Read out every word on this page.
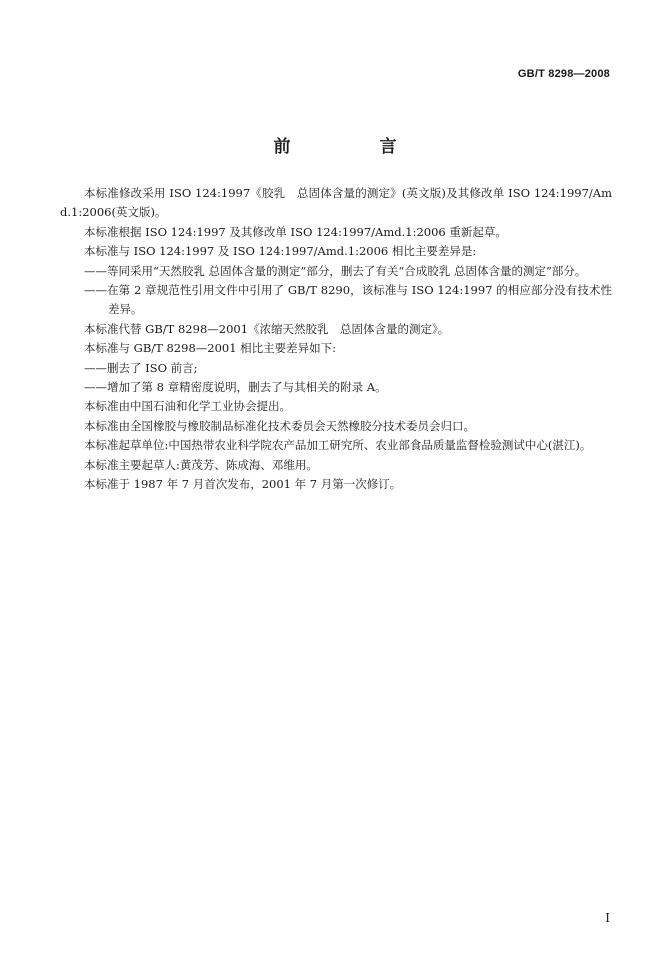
GB/T 8298—2008
前　言

本标准修改采用 ISO 124:1997《胶乳　总固体含量的测定》(英文版)及其修改单 ISO 124:1997/Amd.1:2006(英文版)。

本标准根据 ISO 124:1997 及其修改单 ISO 124:1997/Amd.1:2006 重新起草。

本标准与 ISO 124:1997 及 ISO 124:1997/Amd.1:2006 相比主要差异是:

——等同采用“天然胶乳 总固体含量的测定”部分，删去了有关“合成胶乳 总固体含量的测定”部分。

——在第 2 章规范性引用文件中引用了 GB/T 8290，该标准与 ISO 124:1997 的相应部分没有技术性差异。

本标准代替 GB/T 8298—2001《浓缩天然胶乳　总固体含量的测定》。

本标准与 GB/T 8298—2001 相比主要差异如下:

——删去了 ISO 前言;

——增加了第 8 章精密度说明，删去了与其相关的附录 A。

本标准由中国石油和化学工业协会提出。

本标准由全国橡胶与橡胶制品标准化技术委员会天然橡胶分技术委员会归口。

本标准起草单位:中国热带农业科学院农产品加工研究所、农业部食品质量监督检验测试中心(湛江)。

本标准主要起草人:黄茂芳、陈成海、邓维用。

本标准于 1987 年 7 月首次发布，2001 年 7 月第一次修订。

I
